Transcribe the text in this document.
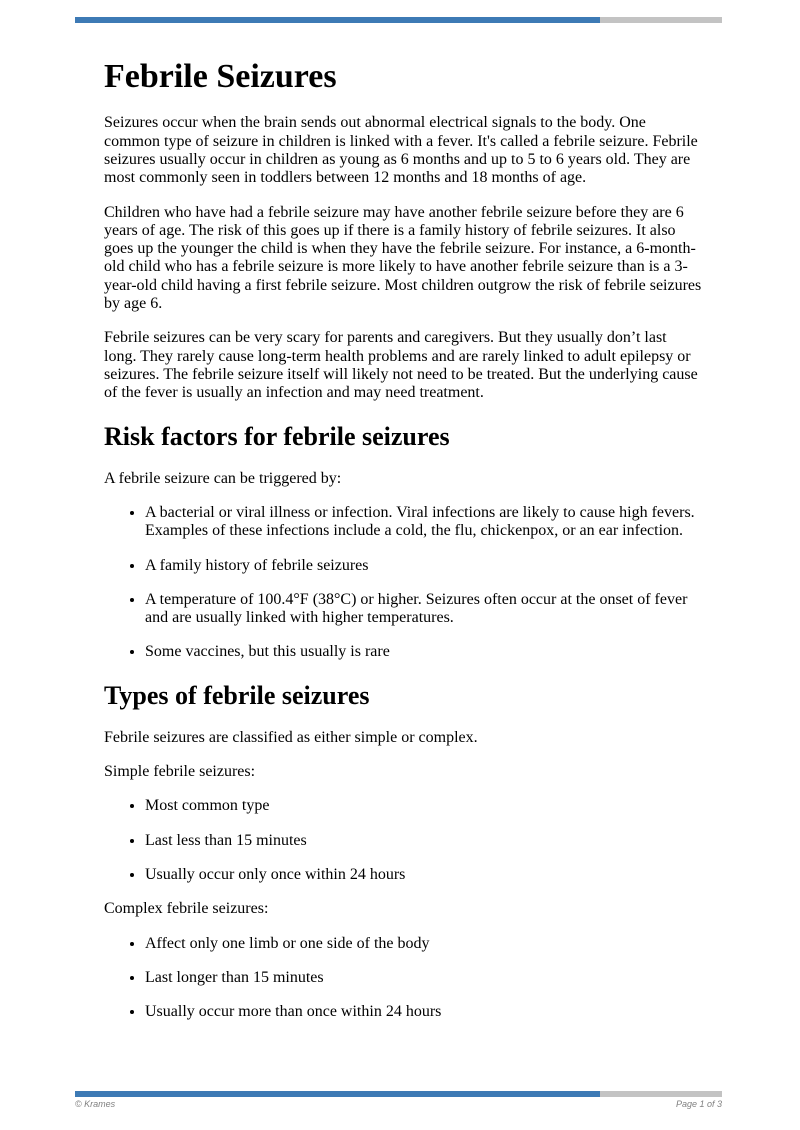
Febrile Seizures

Seizures occur when the brain sends out abnormal electrical signals to the body. One common type of seizure in children is linked with a fever. It's called a febrile seizure. Febrile seizures usually occur in children as young as 6 months and up to 5 to 6 years old. They are most commonly seen in toddlers between 12 months and 18 months of age.

Children who have had a febrile seizure may have another febrile seizure before they are 6 years of age. The risk of this goes up if there is a family history of febrile seizures. It also goes up the younger the child is when they have the febrile seizure. For instance, a 6-month-old child who has a febrile seizure is more likely to have another febrile seizure than is a 3-year-old child having a first febrile seizure. Most children outgrow the risk of febrile seizures by age 6.

Febrile seizures can be very scary for parents and caregivers. But they usually don’t last long. They rarely cause long-term health problems and are rarely linked to adult epilepsy or seizures. The febrile seizure itself will likely not need to be treated. But the underlying cause of the fever is usually an infection and may need treatment.

Risk factors for febrile seizures

A febrile seizure can be triggered by:

• A bacterial or viral illness or infection. Viral infections are likely to cause high fevers. Examples of these infections include a cold, the flu, chickenpox, or an ear infection.
• A family history of febrile seizures
• A temperature of 100.4°F (38°C) or higher. Seizures often occur at the onset of fever and are usually linked with higher temperatures.
• Some vaccines, but this usually is rare
Types of febrile seizures

Febrile seizures are classified as either simple or complex.

Simple febrile seizures:

• Most common type
• Last less than 15 minutes
• Usually occur only once within 24 hours

Complex febrile seizures:

• Affect only one limb or one side of the body
• Last longer than 15 minutes
• Usually occur more than once within 24 hours
© Krames	Page 1 of 3
